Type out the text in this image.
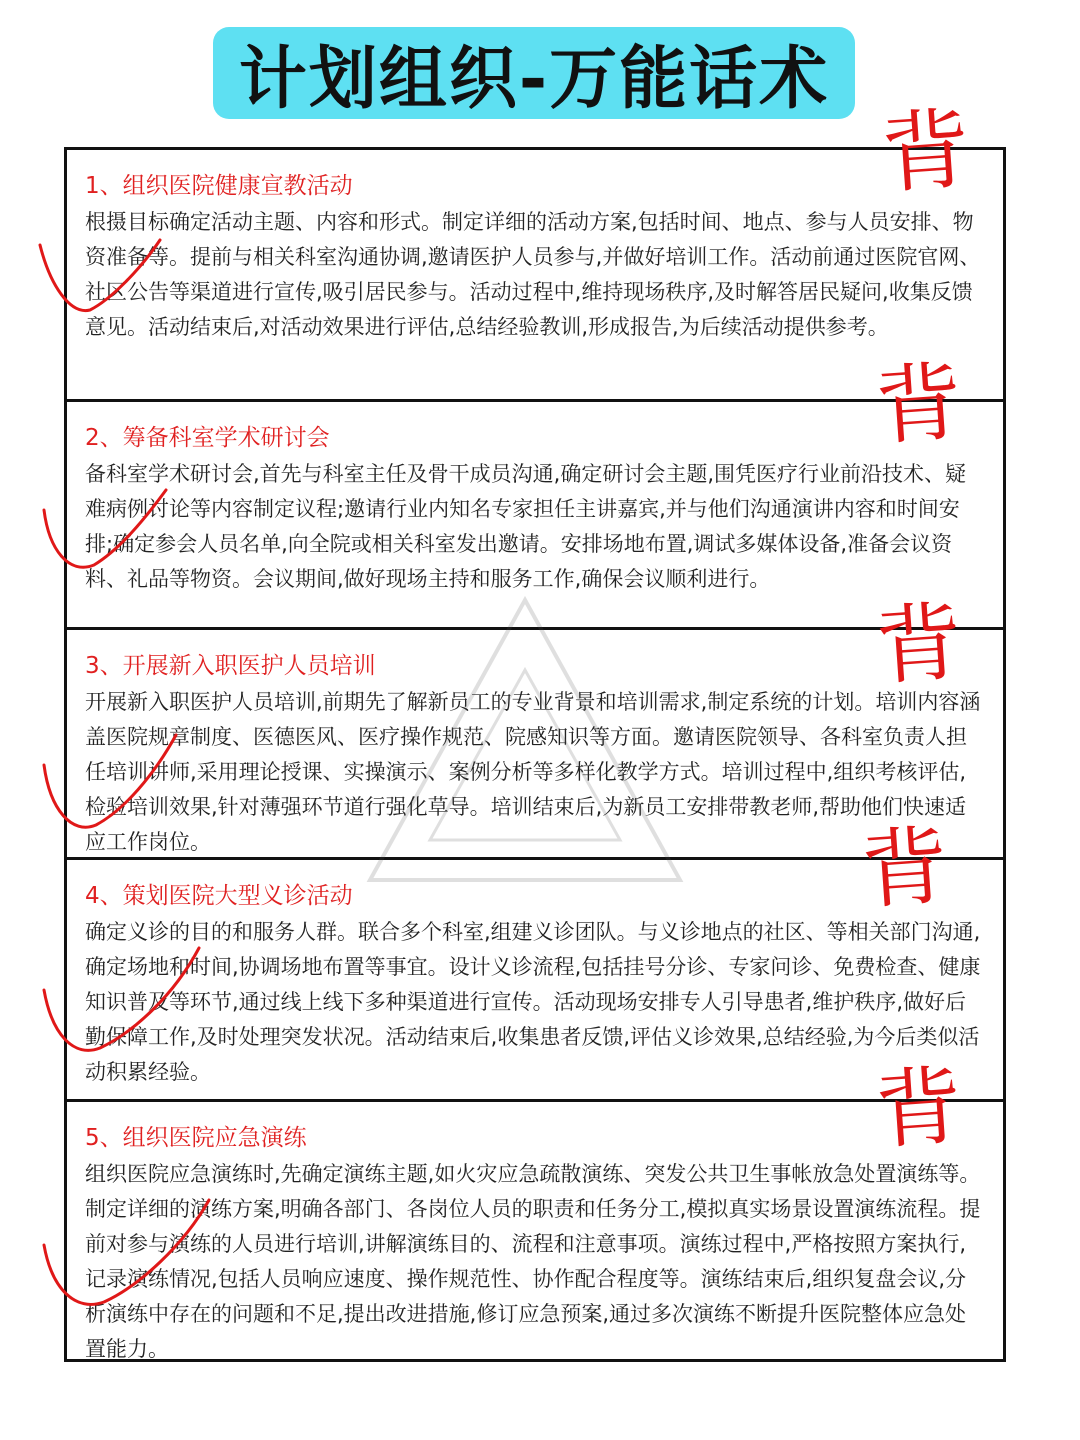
计划组织-万能话术
1、组织医院健康宣教活动
根摄目标确定活动主题、内容和形式。制定详细的活动方案,包括时间、地点、参与人员安排、物资准备等。提前与相关科室沟通协调,邀请医护人员参与,并做好培训工作。活动前通过医院官网、社区公告等渠道进行宣传,吸引居民参与。活动过程中,维持现场秩序,及时解答居民疑问,收集反馈意见。活动结束后,对活动效果进行评估,总结经验教训,形成报告,为后续活动提供参考。
2、筹备科室学术研讨会
备科室学术研讨会,首先与科室主任及骨干成员沟通,确定研讨会主题,围凭医疗行业前沿技术、疑难病例讨论等内容制定议程;邀请行业内知名专家担任主讲嘉宾,并与他们沟通演讲内容和时间安排;确定参会人员名单,向全院或相关科室发出邀请。安排场地布置,调试多媒体设备,准备会议资料、礼品等物资。会议期间,做好现场主持和服务工作,确保会议顺利进行。
3、开展新入职医护人员培训
开展新入职医护人员培训,前期先了解新员工的专业背景和培训需求,制定系统的计划。培训内容涵盖医院规章制度、医德医风、医疗操作规范、院感知识等方面。邀请医院领导、各科室负责人担任培训讲师,采用理论授课、实操演示、案例分析等多样化教学方式。培训过程中,组织考核评估,检验培训效果,针对薄强环节道行强化草导。培训结束后,为新员工安排带教老师,帮助他们快速适应工作岗位。
4、策划医院大型义诊活动
确定义诊的目的和服务人群。联合多个科室,组建义诊团队。与义诊地点的社区、等相关部门沟通,确定场地和时间,协调场地布置等事宜。设计义诊流程,包括挂号分诊、专家问诊、免费检查、健康知识普及等环节,通过线上线下多种渠道进行宣传。活动现场安排专人引导患者,维护秩序,做好后勤保障工作,及时处理突发状况。活动结束后,收集患者反馈,评估义诊效果,总结经验,为今后类似活动积累经验。
5、组织医院应急演练
组织医院应急演练时,先确定演练主题,如火灾应急疏散演练、突发公共卫生事帐放急处置演练等。制定详细的演练方案,明确各部门、各岗位人员的职责和任务分工,模拟真实场景设置演练流程。提前对参与演练的人员进行培训,讲解演练目的、流程和注意事项。演练过程中,严格按照方案执行,记录演练情况,包括人员响应速度、操作规范性、协作配合程度等。演练结束后,组织复盘会议,分析演练中存在的问题和不足,提出改进措施,修订应急预案,通过多次演练不断提升医院整体应急处置能力。
背
背
背
背
背
